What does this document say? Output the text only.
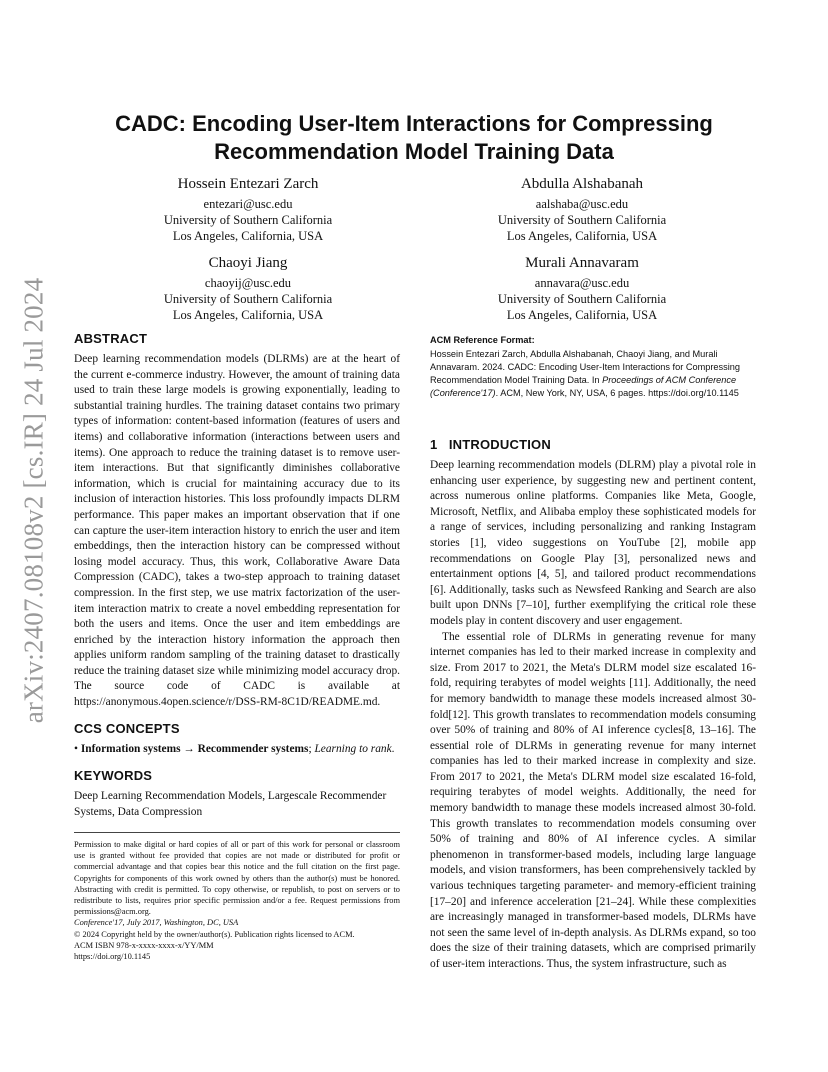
arXiv:2407.08108v2 [cs.IR] 24 Jul 2024
CADC: Encoding User-Item Interactions for Compressing Recommendation Model Training Data
Hossein Entezari Zarch
entezari@usc.edu
University of Southern California
Los Angeles, California, USA
Abdulla Alshabanah
aalshaba@usc.edu
University of Southern California
Los Angeles, California, USA
Chaoyi Jiang
chaoyij@usc.edu
University of Southern California
Los Angeles, California, USA
Murali Annavaram
annavara@usc.edu
University of Southern California
Los Angeles, California, USA
ABSTRACT

Deep learning recommendation models (DLRMs) are at the heart of the current e-commerce industry. However, the amount of training data used to train these large models is growing exponentially, leading to substantial training hurdles. The training dataset contains two primary types of information: content-based information (features of users and items) and collaborative information (interactions between users and items). One approach to reduce the training dataset is to remove user-item interactions. But that significantly diminishes collaborative information, which is crucial for maintaining accuracy due to its inclusion of interaction histories. This loss profoundly impacts DLRM performance. This paper makes an important observation that if one can capture the user-item interaction history to enrich the user and item embeddings, then the interaction history can be compressed without losing model accuracy. Thus, this work, Collaborative Aware Data Compression (CADC), takes a two-step approach to training dataset compression. In the first step, we use matrix factorization of the user-item interaction matrix to create a novel embedding representation for both the users and items. Once the user and item embeddings are enriched by the interaction history information the approach then applies uniform random sampling of the training dataset to drastically reduce the training dataset size while minimizing model accuracy drop. The source code of CADC is available at https://anonymous.4open.science/r/DSS-RM-8C1D/README.md.

CCS CONCEPTS

• Information systems → Recommender systems; Learning to rank.

KEYWORDS

Deep Learning Recommendation Models, Largescale Recommender Systems, Data Compression

Permission to make digital or hard copies of all or part of this work for personal or classroom use is granted without fee provided that copies are not made or distributed for profit or commercial advantage and that copies bear this notice and the full citation on the first page. Copyrights for components of this work owned by others than the author(s) must be honored. Abstracting with credit is permitted. To copy otherwise, or republish, to post on servers or to redistribute to lists, requires prior specific permission and/or a fee. Request permissions from permissions@acm.org.

Conference'17, July 2017, Washington, DC, USA

© 2024 Copyright held by the owner/author(s). Publication rights licensed to ACM.

ACM ISBN 978-x-xxxx-xxxx-x/YY/MM

https://doi.org/10.1145

ACM Reference Format:
Hossein Entezari Zarch, Abdulla Alshabanah, Chaoyi Jiang, and Murali Annavaram. 2024. CADC: Encoding User-Item Interactions for Compressing Recommendation Model Training Data. In Proceedings of ACM Conference (Conference'17). ACM, New York, NY, USA, 6 pages. https://doi.org/10.1145
1   INTRODUCTION

Deep learning recommendation models (DLRM) play a pivotal role in enhancing user experience, by suggesting new and pertinent content, across numerous online platforms. Companies like Meta, Google, Microsoft, Netflix, and Alibaba employ these sophisticated models for a range of services, including personalizing and ranking Instagram stories [1], video suggestions on YouTube [2], mobile app recommendations on Google Play [3], personalized news and entertainment options [4, 5], and tailored product recommendations [6]. Additionally, tasks such as Newsfeed Ranking and Search are also built upon DNNs [7–10], further exemplifying the critical role these models play in content discovery and user engagement.

The essential role of DLRMs in generating revenue for many internet companies has led to their marked increase in complexity and size. From 2017 to 2021, the Meta's DLRM model size escalated 16-fold, requiring terabytes of model weights [11]. Additionally, the need for memory bandwidth to manage these models increased almost 30-fold[12]. This growth translates to recommendation models consuming over 50% of training and 80% of AI inference cycles[8, 13–16]. The essential role of DLRMs in generating revenue for many internet companies has led to their marked increase in complexity and size. From 2017 to 2021, the Meta's DLRM model size escalated 16-fold, requiring terabytes of model weights. Additionally, the need for memory bandwidth to manage these models increased almost 30-fold. This growth translates to recommendation models consuming over 50% of training and 80% of AI inference cycles. A similar phenomenon in transformer-based models, including large language models, and vision transformers, has been comprehensively tackled by various techniques targeting parameter- and memory-efficient training [17–20] and inference acceleration [21–24]. While these complexities are increasingly managed in transformer-based models, DLRMs have not seen the same level of in-depth analysis. As DLRMs expand, so too does the size of their training datasets, which are comprised primarily of user-item interactions. Thus, the system infrastructure, such as
